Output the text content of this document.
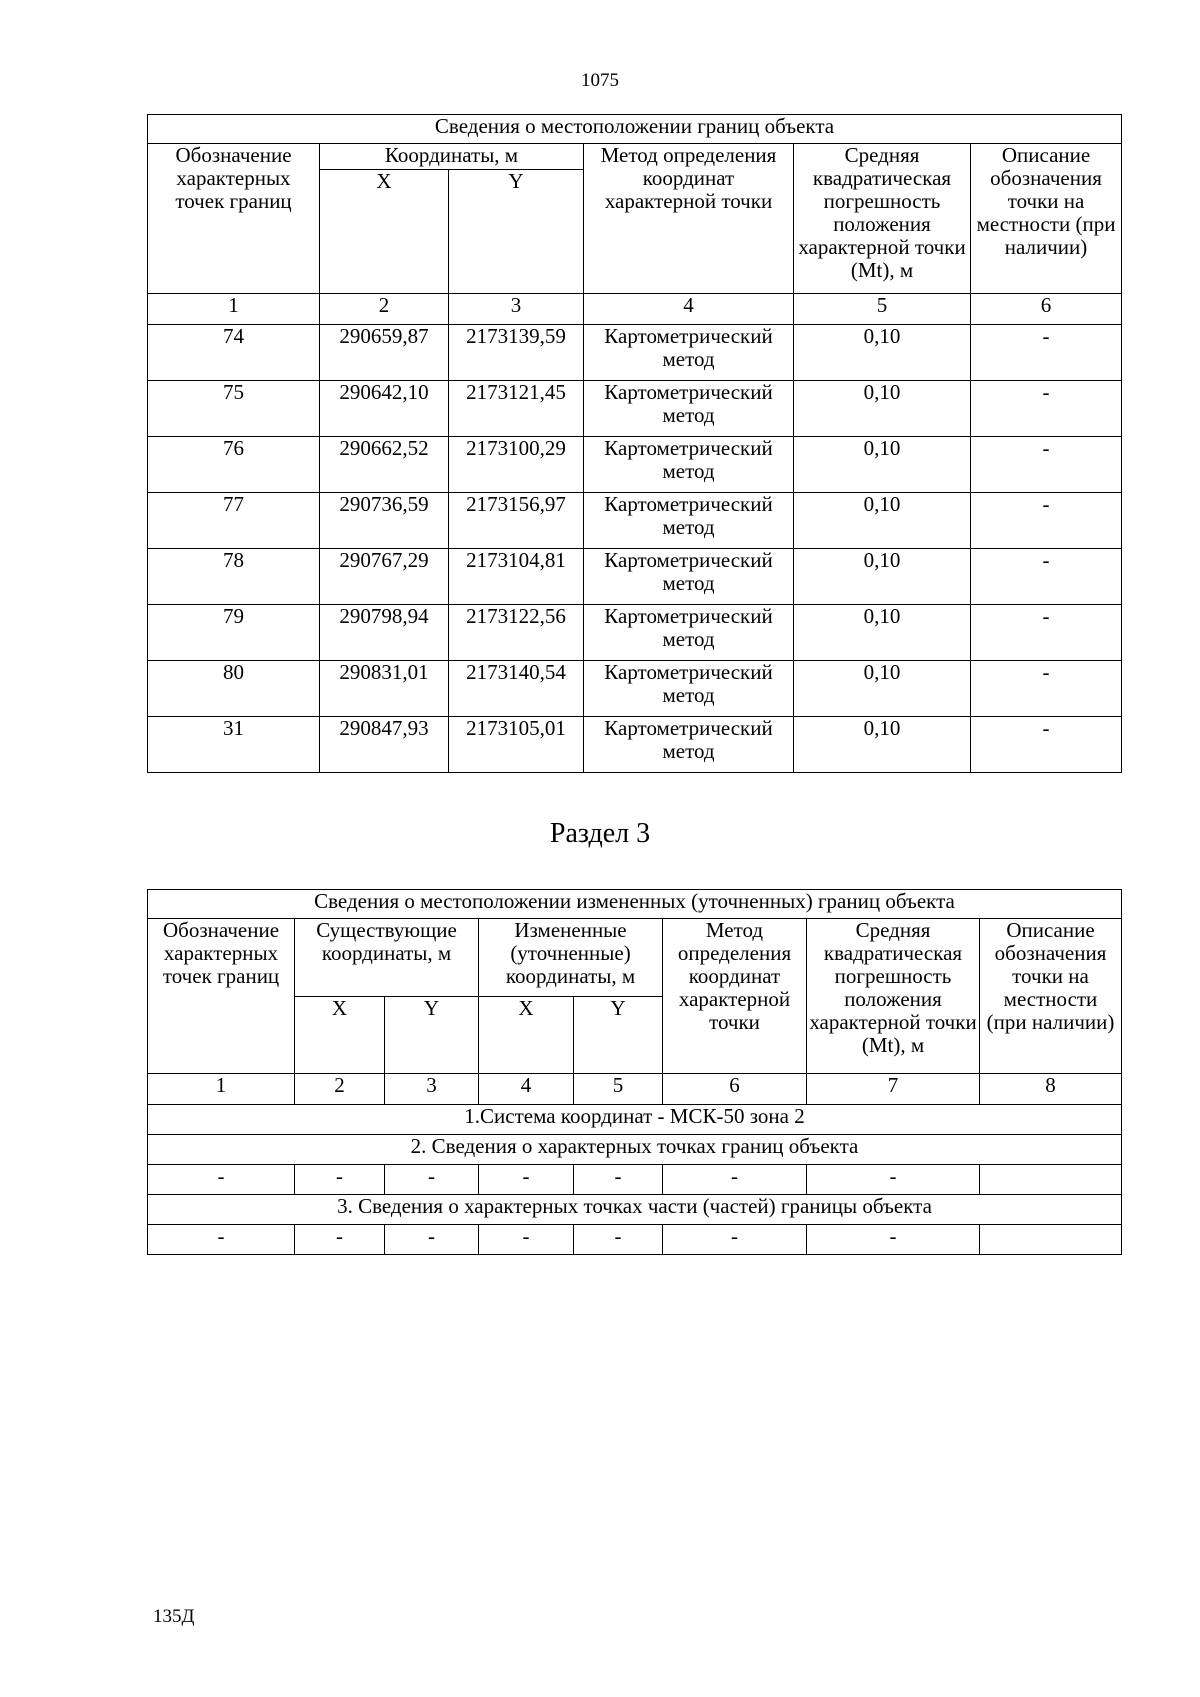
1075
Сведения о местоположении границ объекта					
Обозначение характерных точек границ	Координаты, м		Метод определения координат характерной точки	Средняя квадратическая погрешность положения характерной точки (Mt), м	Описание обозначения точки на местности (при наличии)
	X	Y			
1	2	3	4	5	6
74	290659,87	2173139,59	Картометрический метод	0,10	-
75	290642,10	2173121,45	Картометрический метод	0,10	-
76	290662,52	2173100,29	Картометрический метод	0,10	-
77	290736,59	2173156,97	Картометрический метод	0,10	-
78	290767,29	2173104,81	Картометрический метод	0,10	-
79	290798,94	2173122,56	Картометрический метод	0,10	-
80	290831,01	2173140,54	Картометрический метод	0,10	-
31	290847,93	2173105,01	Картометрический метод	0,10	-
Раздел 3
Сведения о местоположении измененных (уточненных) границ объекта							
Обозначение характерных точек границ	Существующие координаты, м		Измененные (уточненные) координаты, м		Метод определения координат характерной точки	Средняя квадратическая погрешность положения характерной точки (Mt), м	Описание обозначения точки на местности (при наличии)
	X	Y	X	Y			
1	2	3	4	5	6	7	8
1.Система координат - МСК-50 зона 2							
2. Сведения о характерных точках границ объекта							
-	-	-	-	-	-	-	
3. Сведения о характерных точках части (частей) границы объекта							
-	-	-	-	-	-	-	
135Д
